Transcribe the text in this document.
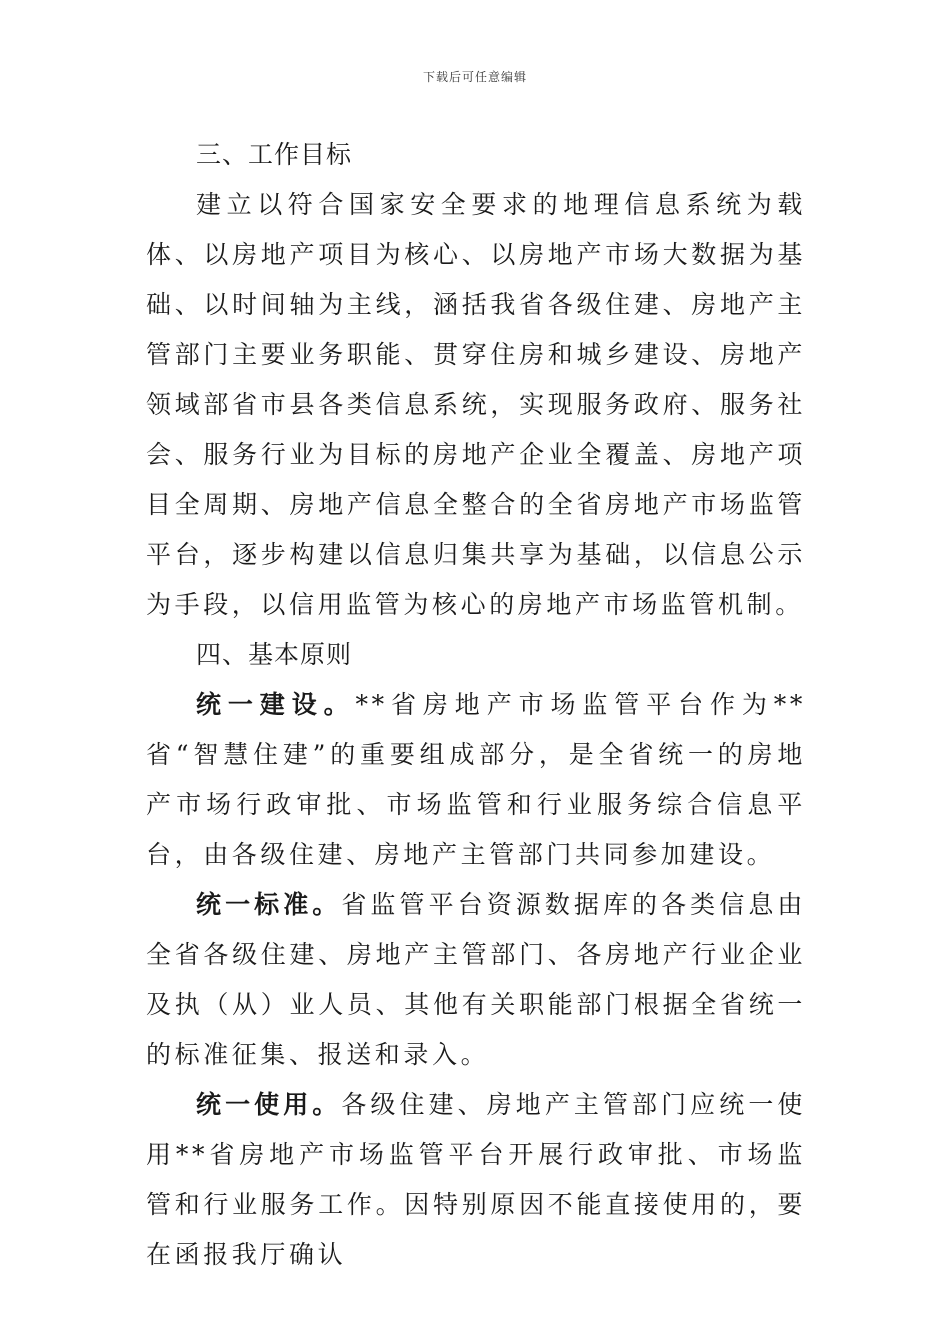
下载后可任意编辑
三、工作目标

建立以符合国家安全要求的地理信息系统为载体、以房地产项目为核心、以房地产市场大数据为基础、以时间轴为主线，涵括我省各级住建、房地产主管部门主要业务职能、贯穿住房和城乡建设、房地产领域部省市县各类信息系统，实现服务政府、服务社会、服务行业为目标的房地产企业全覆盖、房地产项目全周期、房地产信息全整合的全省房地产市场监管平台，逐步构建以信息归集共享为基础，以信息公示为手段，以信用监管为核心的房地产市场监管机制。

四、基本原则

统一建设。**省房地产市场监管平台作为**省“智慧住建”的重要组成部分，是全省统一的房地产市场行政审批、市场监管和行业服务综合信息平台，由各级住建、房地产主管部门共同参加建设。

统一标准。省监管平台资源数据库的各类信息由全省各级住建、房地产主管部门、各房地产行业企业及执（从）业人员、其他有关职能部门根据全省统一的标准征集、报送和录入。

统一使用。各级住建、房地产主管部门应统一使用**省房地产市场监管平台开展行政审批、市场监管和行业服务工作。因特别原因不能直接使用的，要在函报我厅确认
